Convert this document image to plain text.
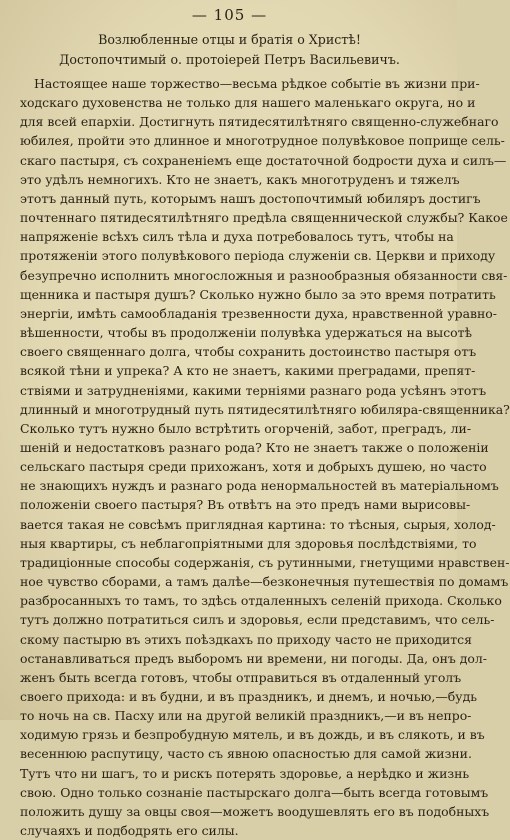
— 105 —

Возлюбленные отцы и братія о Христѣ!

Достопочтимый о. протоіерей Петръ Васильевичъ.

Настоящее наше торжество—весьма рѣдкое событіе въ жизни при-
ходскаго духовенства не только для нашего маленькаго округа, но и
для всей епархіи. Достигнуть пятидесятилѣтняго священно-служебнаго
юбилея, пройти это длинное и многотрудное полувѣковое поприще сель-
скаго пастыря, съ сохраненіемъ еще достаточной бодрости духа и силъ—
это удѣлъ немногихъ. Кто не знаетъ, какъ многотруденъ и тяжелъ
этотъ данный путь, которымъ нашъ достопочтимый юбиляръ достигъ
почтеннаго пятидесятилѣтняго предѣла священнической службы? Какое
напряженіе всѣхъ силъ тѣла и духа потребовалось тутъ, чтобы на
протяженіи этого полувѣкового періода служеніи св. Церкви и приходу
безупречно исполнить многосложныя и разнообразныя обязанности свя-
щенника и пастыря душъ? Сколько нужно было за это время потратить
энергіи, имѣть самообладанія трезвенности духа, нравственной уравно-
вѣшенности, чтобы въ продолженіи полувѣка удержаться на высотѣ
своего священнаго долга, чтобы сохранить достоинство пастыря отъ
всякой тѣни и упрека? А кто не знаетъ, какими преградами, препят-
ствіями и затрудненіями, какими терніями разнаго рода усѣянъ этотъ
длинный и многотрудный путь пятидесятилѣтняго юбиляра-священника?
Сколько тутъ нужно было встрѣтить огорченій, забот, преградъ, ли-
шеній и недостатковъ разнаго рода? Кто не знаетъ также о положеніи
сельскаго пастыря среди прихожанъ, хотя и добрыхъ душею, но часто
не знающихъ нуждъ и разнаго рода ненормальностей въ матеріальномъ
положеніи своего пастыря? Въ отвѣтъ на это предъ нами вырисовы-
вается такая не совсѣмъ приглядная картина: то тѣсныя, сырыя, холод-
ныя квартиры, съ неблагопріятными для здоровья послѣдствіями, то
традиціонные способы содержанія, съ рутинными, гнетущими нравствен-
ное чувство сборами, а тамъ далѣе—безконечныя путешествія по домамъ
разбросанныхъ то тамъ, то здѣсь отдаленныхъ селеній прихода. Сколько
тутъ должно потратиться силъ и здоровья, если представимъ, что сель-
скому пастырю въ этихъ поѣздкахъ по приходу часто не приходится
останавливаться предъ выборомъ ни времени, ни погоды. Да, онъ дол-
женъ быть всегда готовъ, чтобы отправиться въ отдаленный уголъ
своего прихода: и въ будни, и въ праздникъ, и днемъ, и ночью,—будь
то ночь на св. Пасху или на другой великій праздникъ,—и въ непро-
ходимую грязь и безпробудную мятель, и въ дождь, и въ слякоть, и въ
весеннюю распутицу, часто съ явною опасностью для самой жизни.
Тутъ что ни шагъ, то и рискъ потерять здоровье, а нерѣдко и жизнь
свою. Одно только сознаніе пастырскаго долга—быть всегда готовымъ
положить душу за овцы своя—можетъ воодушевлять его въ подобныхъ
случаяхъ и подбодрять его силы.
